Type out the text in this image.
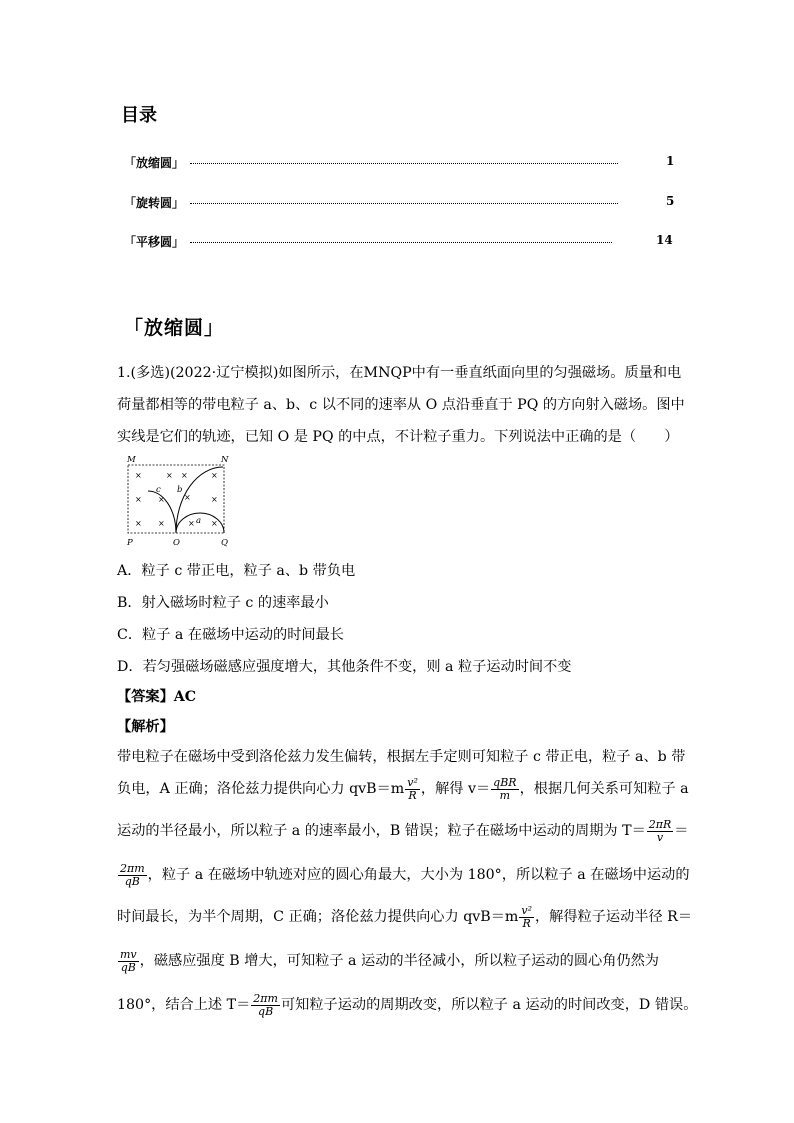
目录
「放缩圆」	1
「旋转圆」	5
「平移圆」	14
「放缩圆」
1.(多选)(2022·辽宁模拟)如图所示，在MNQP中有一垂直纸面向里的匀强磁场。质量和电
荷量都相等的带电粒子 a、b、c 以不同的速率从 O 点沿垂直于 PQ 的方向射入磁场。图中
实线是它们的轨迹，已知 O 是 PQ 的中点，不计粒子重力。下列说法中正确的是（　　）
×	× ×	×
× × ×	×
× ×	× ×
M	N
P	Q
O
a
b
c
A．粒子 c 带正电，粒子 a、b 带负电
B．射入磁场时粒子 c 的速率最小
C．粒子 a 在磁场中运动的时间最长
D．若匀强磁场磁感应强度增大，其他条件不变，则 a 粒子运动时间不变
【答案】AC
【解析】
带电粒子在磁场中受到洛伦兹力发生偏转，根据左手定则可知粒子 c 带正电，粒子 a、b 带
负电，A 正确；洛伦兹力提供向心力 $qvB=m \frac{\text{v²}}{R}$ ，解得 $v= \frac{\text{qBR}}{m}$ ，根据几何关系可知粒子 a
运动的半径最小，所以粒子 a 的速率最小，B 错误；粒子在磁场中运动的周期为 $T= \frac{2\pi R}{v}$ ＝
$\frac{2\pi m}{qB}$ ，粒子 a 在磁场中轨迹对应的圆心角最大，大小为 180°，所以粒子 a 在磁场中运动的
时间最长，为半个周期，C 正确；洛伦兹力提供向心力 $qvB=m \frac{\text{v²}}{R}$ ，解得粒子运动半径 R＝
$\frac{mv}{qB}$ ，磁感应强度 B 增大，可知粒子 a 运动的半径减小，所以粒子运动的圆心角仍然为
180°，结合上述 $T= \frac{2\pi m}{qB}$ 可知粒子运动的周期改变，所以粒子 a 运动的时间改变，D 错误。
